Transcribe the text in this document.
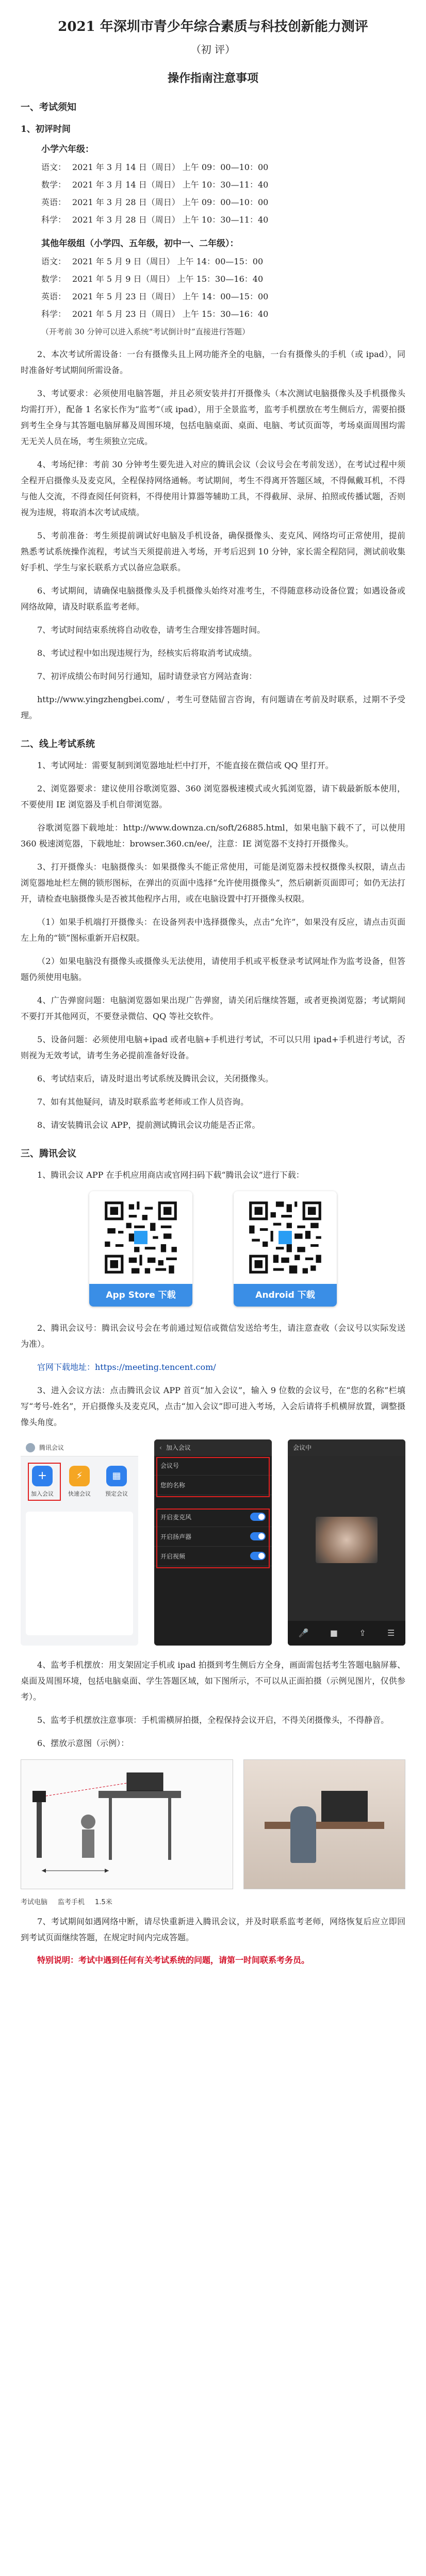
2021 年深圳市青少年综合素质与科技创新能力测评
（初 评）
操作指南注意事项
一、考试须知
1、初评时间
小学六年级：
语文： 2021 年 3 月 14 日（周日） 上午 09：00—10：00
数学： 2021 年 3 月 14 日（周日） 上午 10：30—11：40
英语： 2021 年 3 月 28 日（周日） 上午 09：00—10：00
科学： 2021 年 3 月 28 日（周日） 上午 10：30—11：40
其他年级组（小学四、五年级，初中一、二年级）：
语文： 2021 年 5 月 9 日（周日） 上午 14：00—15：00
数学： 2021 年 5 月 9 日（周日） 上午 15：30—16：40
英语： 2021 年 5 月 23 日（周日） 上午 14：00—15：00
科学： 2021 年 5 月 23 日（周日） 上午 15：30—16：40
（开考前 30 分钟可以进入系统“考试倒计时”直接进行答题）

2、本次考试所需设备：一台有摄像头且上网功能齐全的电脑，一台有摄像头的手机（或 ipad），同时准备好考试期间所需设备。

3、考试要求：必须使用电脑答题，并且必须安装并打开摄像头（本次测试电脑摄像头及手机摄像头均需打开），配备 1 名家长作为“监考”（或 ipad），用于全景监考，监考手机摆放在考生侧后方，需要拍摄到考生全身与其答题电脑屏幕及周围环境，包括电脑桌面、桌面、电脑、考试页面等，考场桌面周围均需无无关人员在场，考生须独立完成。

4、考场纪律：考前 30 分钟考生要先进入对应的腾讯会议（会议号会在考前发送），在考试过程中须全程开启摄像头及麦克风，全程保持网络通畅。考试期间，考生不得离开答题区域，不得佩戴耳机，不得与他人交流，不得查阅任何资料，不得使用计算器等辅助工具，不得截屏、录屏、拍照或传播试题，否则视为违规，将取消本次考试成绩。

5、考前准备：考生须提前调试好电脑及手机设备，确保摄像头、麦克风、网络均可正常使用，提前熟悉考试系统操作流程，考试当天须提前进入考场，开考后迟到 10 分钟，家长需全程陪同，测试前收集好手机、学生与家长联系方式以备应急联系。

6、考试期间，请确保电脑摄像头及手机摄像头始终对准考生，不得随意移动设备位置；如遇设备或网络故障，请及时联系监考老师。

7、考试时间结束系统将自动收卷，请考生合理安排答题时间。

8、考试过程中如出现违规行为，经核实后将取消考试成绩。

7、初评成绩公布时间另行通知，届时请登录官方网站查询：

http://www.yingzhengbei.com/ ，考生可登陆留言咨询，有问题请在考前及时联系，过期不予受理。

二、线上考试系统

1、考试网址：需要复制到浏览器地址栏中打开，不能直接在微信或 QQ 里打开。

2、浏览器要求：建议使用谷歌浏览器、360 浏览器极速模式或火狐浏览器，请下载最新版本使用，不要使用 IE 浏览器及手机自带浏览器。

谷歌浏览器下载地址：http://www.downza.cn/soft/26885.html，如果电脑下载不了，可以使用 360 极速浏览器，下载地址：browser.360.cn/ee/，注意：IE 浏览器不支持打开摄像头。

3、打开摄像头：电脑摄像头：如果摄像头不能正常使用，可能是浏览器未授权摄像头权限，请点击浏览器地址栏左侧的锁形图标，在弹出的页面中选择“允许使用摄像头”，然后刷新页面即可；如仍无法打开，请检查电脑摄像头是否被其他程序占用，或在电脑设置中打开摄像头权限。

（1）如果手机端打开摄像头：在设备列表中选择摄像头，点击“允许”，如果没有反应，请点击页面左上角的“锁”图标重新开启权限。

（2）如果电脑没有摄像头或摄像头无法使用，请使用手机或平板登录考试网址作为监考设备，但答题仍须使用电脑。

4、广告弹窗问题：电脑浏览器如果出现广告弹窗，请关闭后继续答题，或者更换浏览器；考试期间不要打开其他网页，不要登录微信、QQ 等社交软件。

5、设备问题：必须使用电脑+ipad 或者电脑+手机进行考试，不可以只用 ipad+手机进行考试，否则视为无效考试，请考生务必提前准备好设备。

6、考试结束后，请及时退出考试系统及腾讯会议，关闭摄像头。

7、如有其他疑问，请及时联系监考老师或工作人员咨询。

8、请安装腾讯会议 APP，提前测试腾讯会议功能是否正常。

三、腾讯会议

1、腾讯会议 APP 在手机应用商店或官网扫码下载“腾讯会议”进行下载：

App Store 下载	Android 下载

2、腾讯会议号：腾讯会议号会在考前通过短信或微信发送给考生，请注意查收（会议号以实际发送为准）。

官网下载地址：https://meeting.tencent.com/

3、进入会议方法：点击腾讯会议 APP 首页“加入会议”，输入 9 位数的会议号，在“您的名称”栏填写“考号-姓名”，开启摄像头及麦克风，点击“加入会议”即可进入考场，入会后请将手机横屏放置，调整摄像头角度。

腾讯会议
+
加入会议
⚡
快速会议
▦
预定会议
‹ 加入会议
会议号
您的名称
开启麦克风
开启扬声器
开启视频
会议中
🎤	■	⇪	☰

4、监考手机摆放：用支架固定手机或 ipad 拍摄到考生侧后方全身，画面需包括考生答题电脑屏幕、桌面及周围环境，包括电脑桌面、学生答题区域，如下图所示，不可以从正面拍摄（示例见图片，仅供参考）。

5、监考手机摆放注意事项：手机需横屏拍摄，全程保持会议开启，不得关闭摄像头，不得静音。

6、摆放示意图（示例）：

考试电脑 监考手机 1.5米

7、考试期间如遇网络中断，请尽快重新进入腾讯会议，并及时联系监考老师，网络恢复后应立即回到考试页面继续答题，在规定时间内完成答题。

特别说明：考试中遇到任何有关考试系统的问题，请第一时间联系考务员。
